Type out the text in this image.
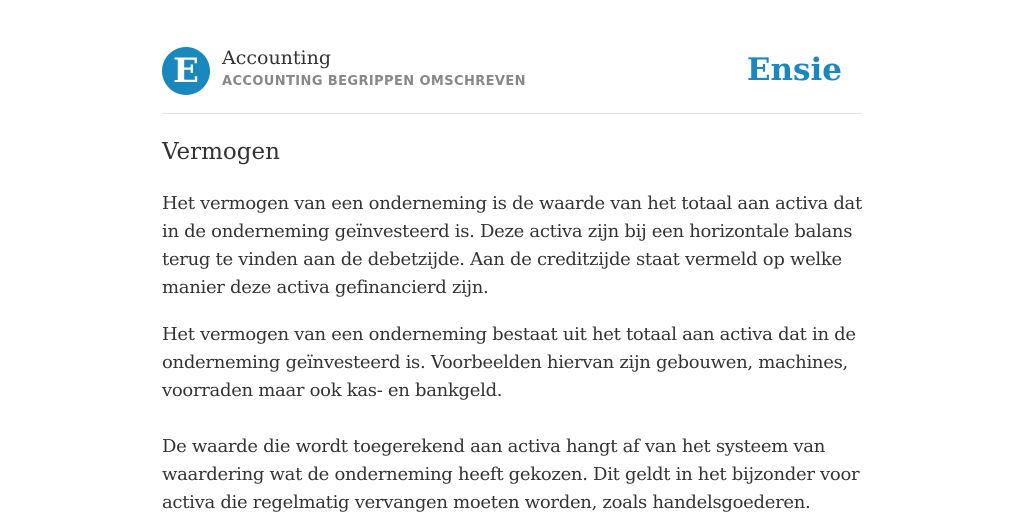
E	Accounting
ACCOUNTING BEGRIPPEN OMSCHREVEN	Ensie
Vermogen

Het vermogen van een onderneming is de waarde van het totaal aan activa dat in de onderneming geïnvesteerd is. Deze activa zijn bij een horizontale balans terug te vinden aan de debetzijde. Aan de creditzijde staat vermeld op welke manier deze activa gefinancierd zijn.

Het vermogen van een onderneming bestaat uit het totaal aan activa dat in de onderneming geïnvesteerd is. Voorbeelden hiervan zijn gebouwen, machines, voorraden maar ook kas- en bankgeld.

De waarde die wordt toegerekend aan activa hangt af van het systeem van waardering wat de onderneming heeft gekozen. Dit geldt in het bijzonder voor activa die regelmatig vervangen moeten worden, zoals handelsgoederen.
